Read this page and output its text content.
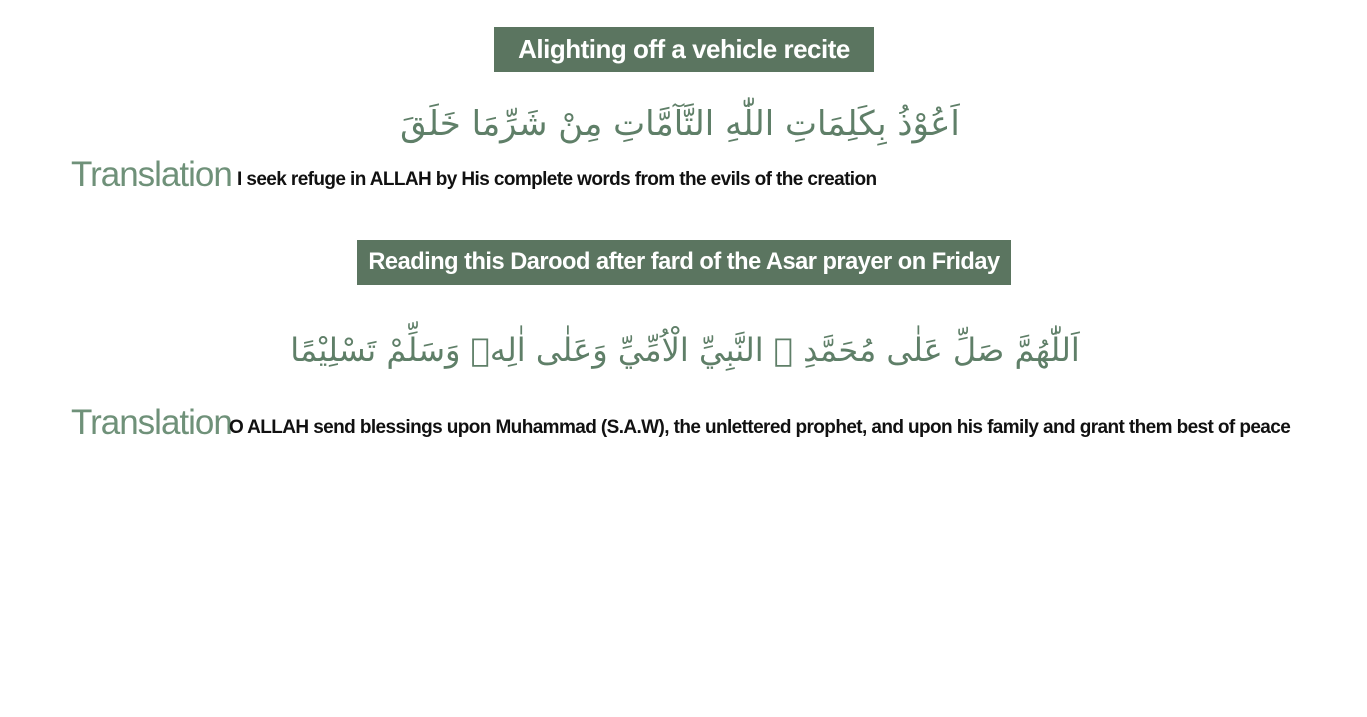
Alighting off a vehicle recite
اَعُوْذُ بِكَلِمَاتِ اللّٰهِ التَّآمَّاتِ مِنْ شَرِّمَا خَلَقَ
Translation I seek refuge in ALLAH by His complete words from the evils of the creation
Reading this Darood after fard of the Asar prayer on Friday
اَللّٰهُمَّ صَلِّ عَلٰى مُحَمَّدِ ۣ النَّبِيِّ الْاُمِّيِّ وَعَلٰى اٰلِهٖ وَسَلِّمْ تَسْلِيْمًا
Translation
O ALLAH send blessings upon Muhammad (S.A.W), the unlettered prophet, and upon his family and grant them best of peace
